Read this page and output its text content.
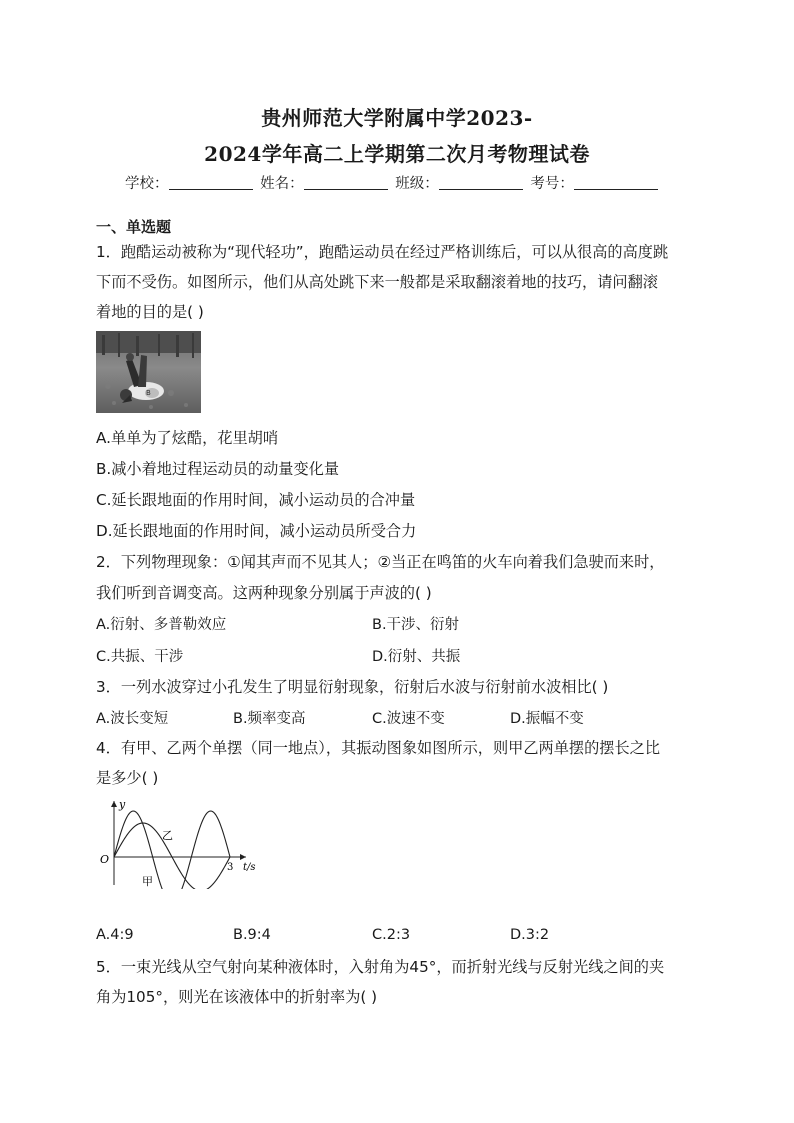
贵州师范大学附属中学2023-
2024学年高二上学期第二次月考物理试卷
学校：	姓名：	班级：	考号：
一、单选题
1．跑酷运动被称为“现代轻功”，跑酷运动员在经过严格训练后，可以从很高的高度跳
下而不受伤。如图所示，他们从高处跳下来一般都是采取翻滚着地的技巧，请问翻滚
着地的目的是( )
B
A.单单为了炫酷，花里胡哨
B.减小着地过程运动员的动量变化量
C.延长跟地面的作用时间，减小运动员的合冲量
D.延长跟地面的作用时间，减小运动员所受合力
2．下列物理现象：①闻其声而不见其人；②当正在鸣笛的火车向着我们急驶而来时，
我们听到音调变高。这两种现象分别属于声波的( )
A.衍射、多普勒效应	B.干涉、衍射
C.共振、干涉	D.衍射、共振
3．一列水波穿过小孔发生了明显衍射现象，衍射后水波与衍射前水波相比( )
A.波长变短	B.频率变高	C.波速不变	D.振幅不变
4．有甲、乙两个单摆（同一地点），其振动图象如图所示，则甲乙两单摆的摆长之比
是多少( )
y
O
t/s
3
乙
甲
A.4:9	B.9:4	C.2:3	D.3:2
5．一束光线从空气射向某种液体时，入射角为45°，而折射光线与反射光线之间的夹
角为105°，则光在该液体中的折射率为( )
